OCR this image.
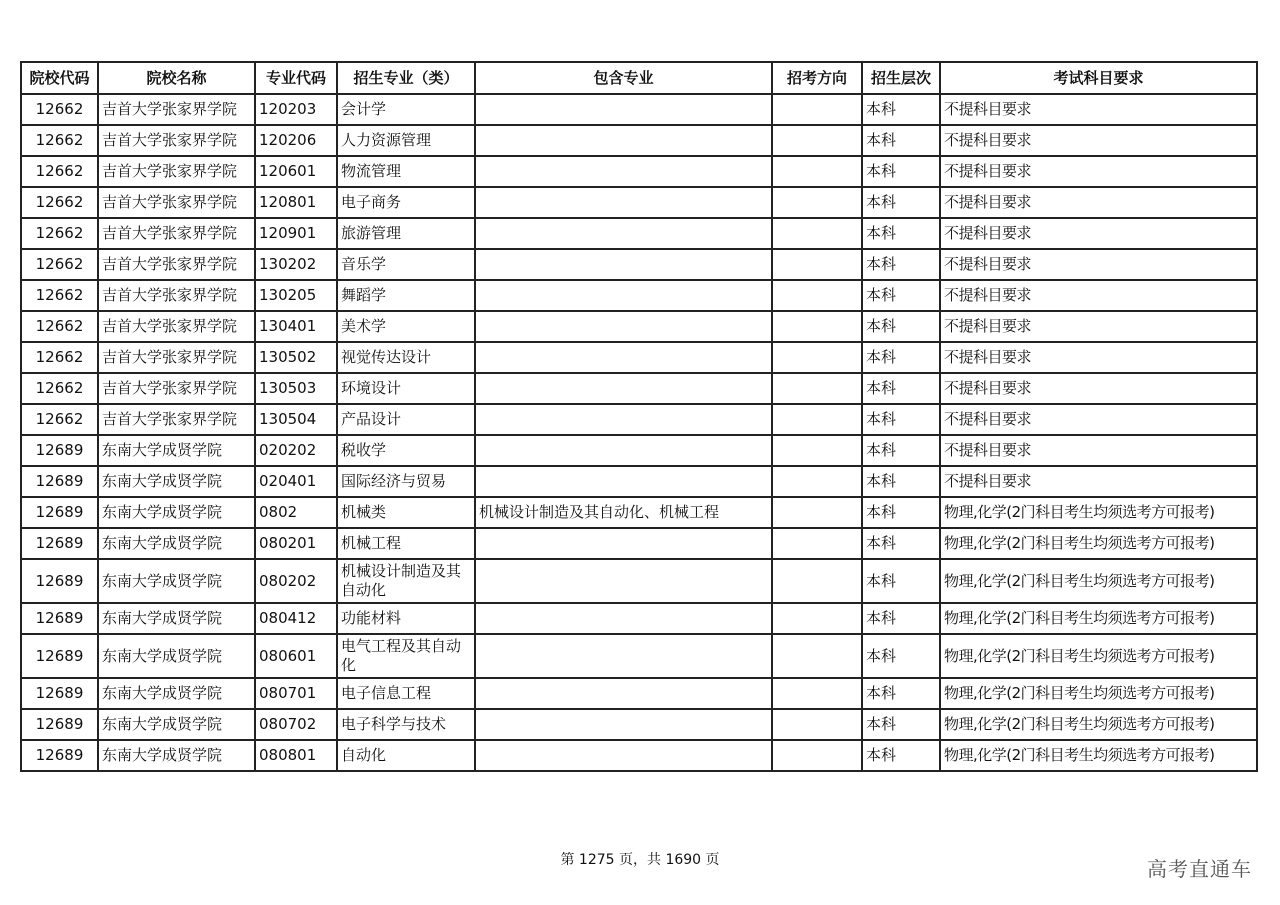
院校代码	院校名称	专业代码	招生专业（类）	包含专业	招考方向	招生层次	考试科目要求
12662	吉首大学张家界学院	120203	会计学			本科	不提科目要求
12662	吉首大学张家界学院	120206	人力资源管理			本科	不提科目要求
12662	吉首大学张家界学院	120601	物流管理			本科	不提科目要求
12662	吉首大学张家界学院	120801	电子商务			本科	不提科目要求
12662	吉首大学张家界学院	120901	旅游管理			本科	不提科目要求
12662	吉首大学张家界学院	130202	音乐学			本科	不提科目要求
12662	吉首大学张家界学院	130205	舞蹈学			本科	不提科目要求
12662	吉首大学张家界学院	130401	美术学			本科	不提科目要求
12662	吉首大学张家界学院	130502	视觉传达设计			本科	不提科目要求
12662	吉首大学张家界学院	130503	环境设计			本科	不提科目要求
12662	吉首大学张家界学院	130504	产品设计			本科	不提科目要求
12689	东南大学成贤学院	020202	税收学			本科	不提科目要求
12689	东南大学成贤学院	020401	国际经济与贸易			本科	不提科目要求
12689	东南大学成贤学院	0802	机械类	机械设计制造及其自动化、机械工程		本科	物理,化学(2门科目考生均须选考方可报考)
12689	东南大学成贤学院	080201	机械工程			本科	物理,化学(2门科目考生均须选考方可报考)
12689	东南大学成贤学院	080202	机械设计制造及其自动化			本科	物理,化学(2门科目考生均须选考方可报考)
12689	东南大学成贤学院	080412	功能材料			本科	物理,化学(2门科目考生均须选考方可报考)
12689	东南大学成贤学院	080601	电气工程及其自动化			本科	物理,化学(2门科目考生均须选考方可报考)
12689	东南大学成贤学院	080701	电子信息工程			本科	物理,化学(2门科目考生均须选考方可报考)
12689	东南大学成贤学院	080702	电子科学与技术			本科	物理,化学(2门科目考生均须选考方可报考)
12689	东南大学成贤学院	080801	自动化			本科	物理,化学(2门科目考生均须选考方可报考)
第 1275 页，共 1690 页	高考直通车
